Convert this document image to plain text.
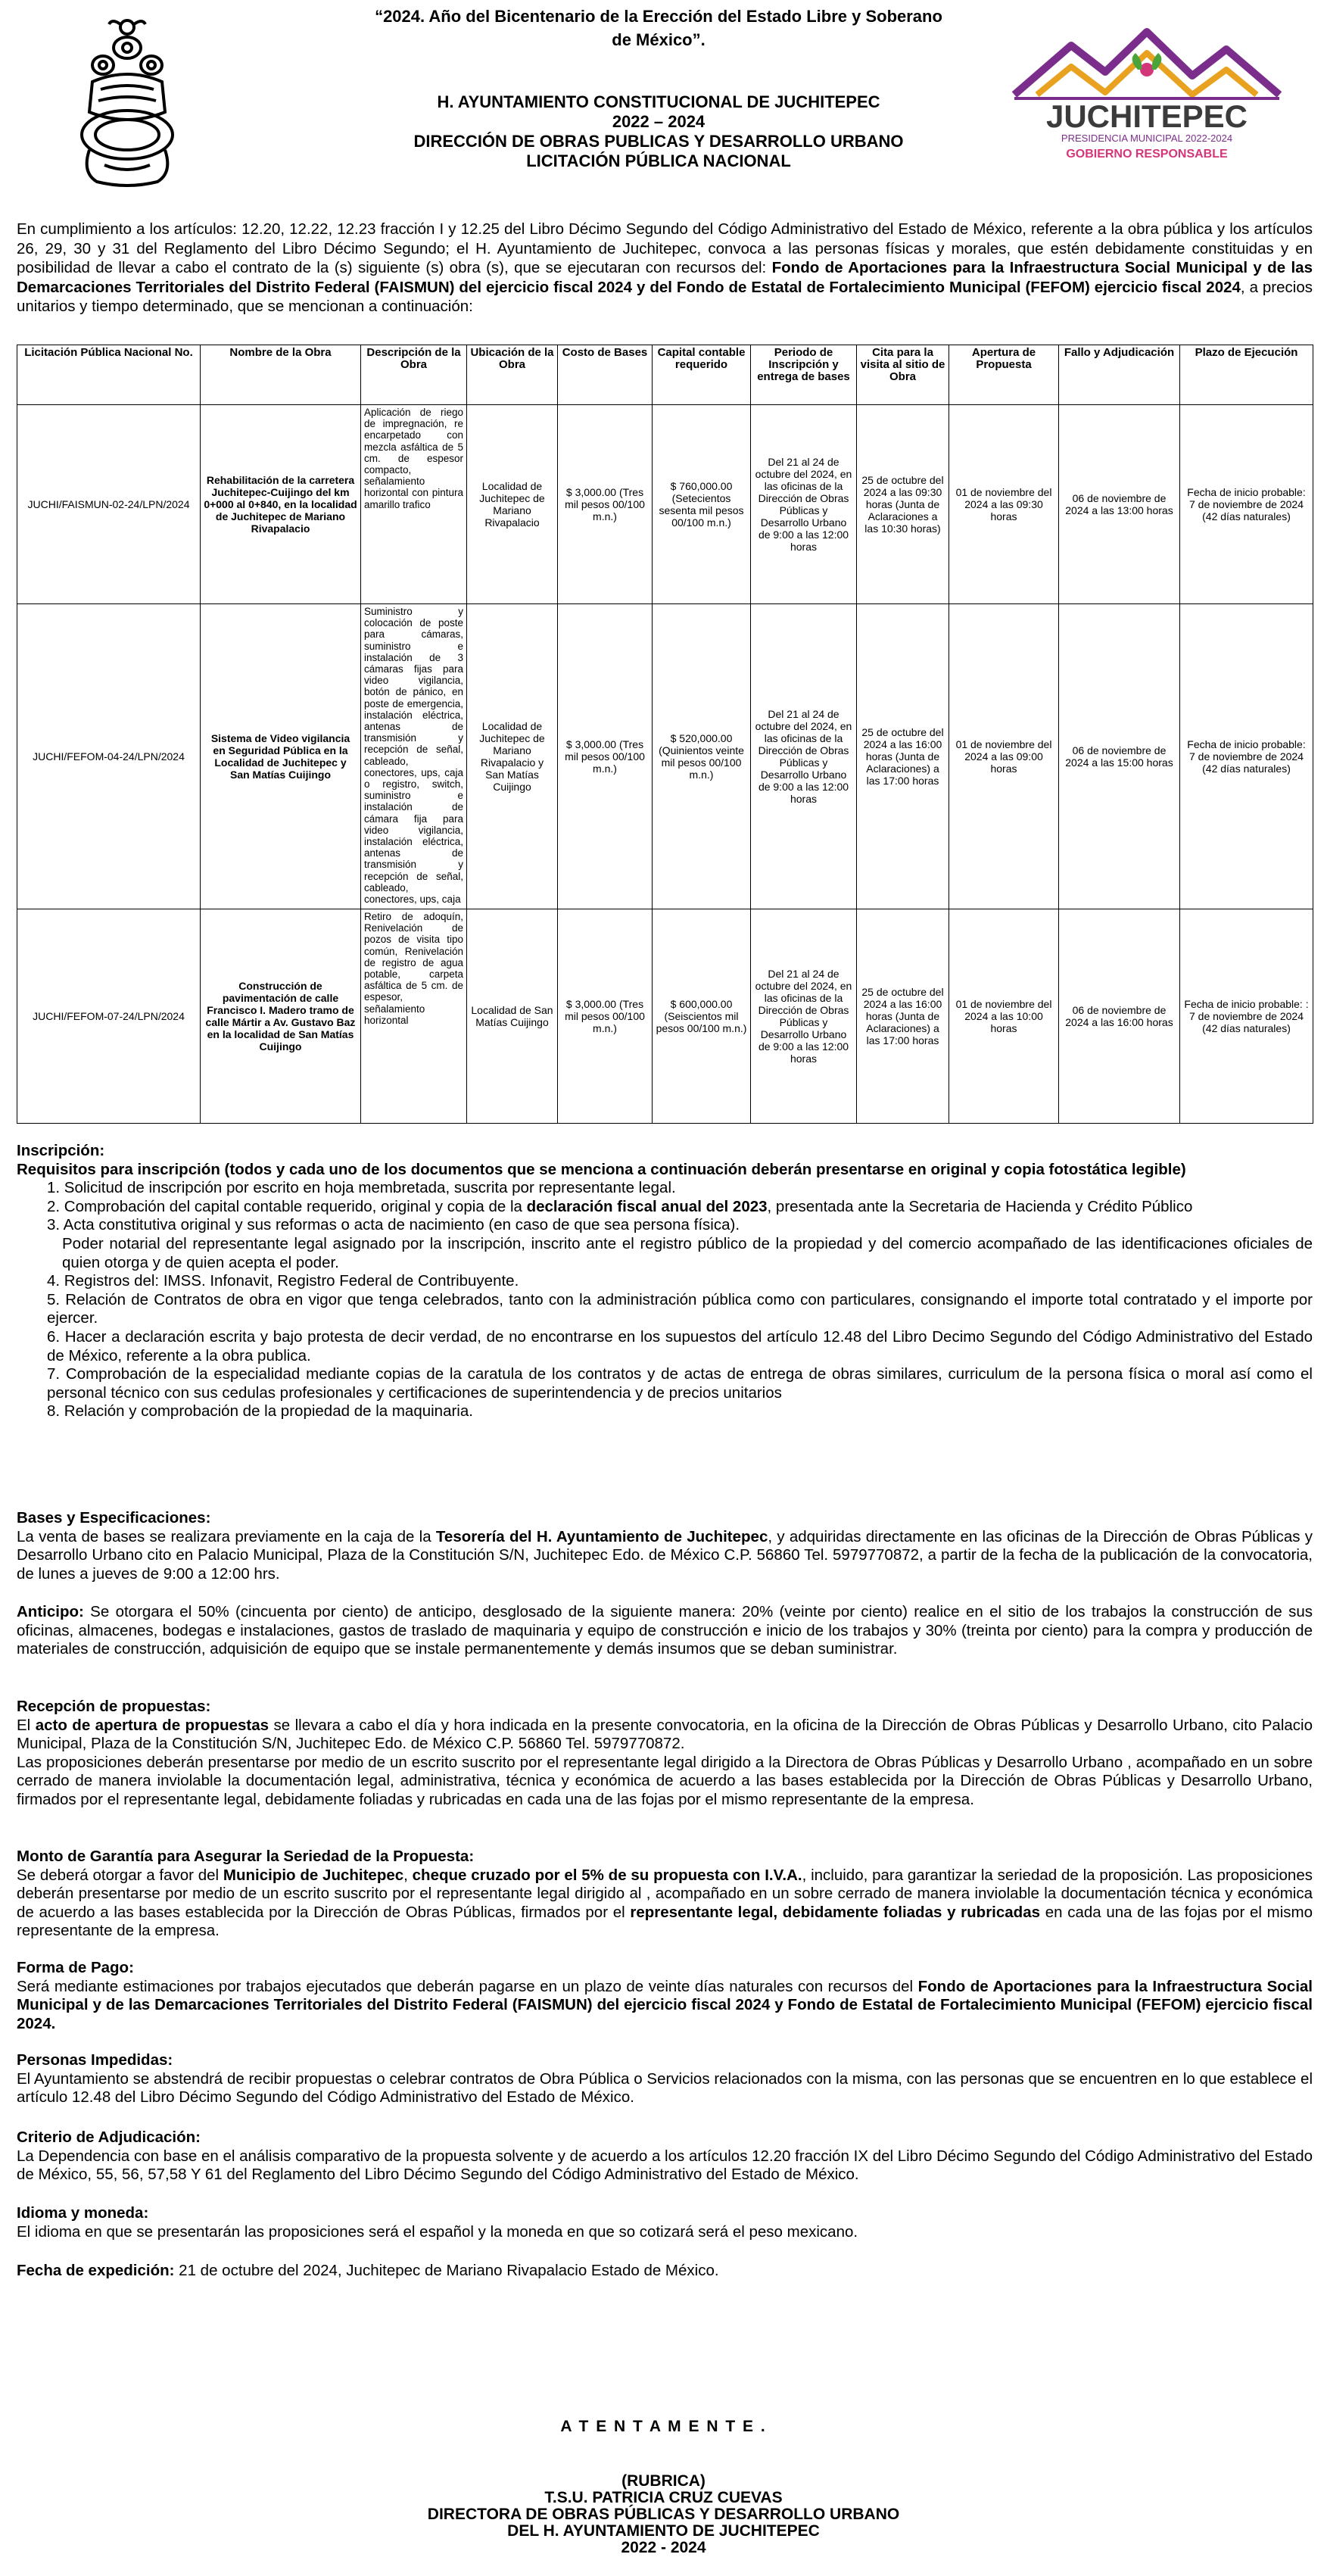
JUCHITEPEC
PRESIDENCIA MUNICIPAL 2022-2024
GOBIERNO RESPONSABLE
“2024. Año del Bicentenario de la Erección del Estado Libre y Soberano
de México”.
H. AYUNTAMIENTO CONSTITUCIONAL DE JUCHITEPEC
2022 – 2024
DIRECCIÓN DE OBRAS PUBLICAS Y DESARROLLO URBANO
LICITACIÓN PÚBLICA NACIONAL
En cumplimiento a los artículos: 12.20, 12.22, 12.23 fracción I y 12.25 del Libro Décimo Segundo del Código Administrativo del Estado de México, referente a la obra pública y los artículos 26, 29, 30 y 31 del Reglamento del Libro Décimo Segundo; el H. Ayuntamiento de Juchitepec, convoca a las personas físicas y morales, que estén debidamente constituidas y en posibilidad de llevar a cabo el contrato de la (s) siguiente (s) obra (s), que se ejecutaran con recursos del: Fondo de Aportaciones para la Infraestructura Social Municipal y de las Demarcaciones Territoriales del Distrito Federal (FAISMUN) del ejercicio fiscal 2024 y del Fondo de Estatal de Fortalecimiento Municipal (FEFOM) ejercicio fiscal 2024, a precios unitarios y tiempo determinado, que se mencionan a continuación:
Licitación Pública Nacional No.	Nombre de la Obra	Descripción de la Obra	Ubicación de la Obra	Costo de Bases	Capital contable requerido	Periodo de Inscripción y entrega de bases	Cita para la visita al sitio de Obra	Apertura de Propuesta	Fallo y Adjudicación	Plazo de Ejecución
JUCHI/FAISMUN-02-24/LPN/2024	Rehabilitación de la carretera Juchitepec-Cuijingo del km 0+000 al 0+840, en la localidad de Juchitepec de Mariano Rivapalacio	Aplicación de riego de impregnación, re encarpetado con mezcla asfáltica de 5 cm. de espesor compacto, señalamiento horizontal con pintura amarillo trafico	Localidad de Juchitepec de Mariano Rivapalacio	$ 3,000.00 (Tres mil pesos 00/100 m.n.)	$ 760,000.00 (Setecientos sesenta mil pesos 00/100 m.n.)	Del 21 al 24 de octubre del 2024, en las oficinas de la Dirección de Obras Públicas y Desarrollo Urbano de 9:00 a las 12:00 horas	25 de octubre del 2024 a las 09:30 horas (Junta de Aclaraciones a las 10:30 horas)	01 de noviembre del 2024 a las 09:30 horas	06 de noviembre de 2024 a las 13:00 horas	Fecha de inicio probable: 7 de noviembre de 2024 (42 días naturales)
JUCHI/FEFOM-04-24/LPN/2024	Sistema de Video vigilancia en Seguridad Pública en la Localidad de Juchitepec y San Matías Cuijingo	Suministro y colocación de poste para cámaras, suministro e instalación de 3 cámaras fijas para video vigilancia, botón de pánico, en poste de emergencia, instalación eléctrica, antenas de transmisión y recepción de señal, cableado, conectores, ups, caja o registro, switch, suministro e instalación de cámara fija para video vigilancia, instalación eléctrica, antenas de transmisión y recepción de señal, cableado, conectores, ups, caja	Localidad de Juchitepec de Mariano Rivapalacio y San Matías Cuijingo	$ 3,000.00 (Tres mil pesos 00/100 m.n.)	$ 520,000.00 (Quinientos veinte mil pesos 00/100 m.n.)	Del 21 al 24 de octubre del 2024, en las oficinas de la Dirección de Obras Públicas y Desarrollo Urbano de 9:00 a las 12:00 horas	25 de octubre del 2024 a las 16:00 horas (Junta de Aclaraciones) a las 17:00 horas	01 de noviembre del 2024 a las 09:00 horas	06 de noviembre de 2024 a las 15:00 horas	Fecha de inicio probable: 7 de noviembre de 2024 (42 días naturales)
JUCHI/FEFOM-07-24/LPN/2024	Construcción de pavimentación de calle Francisco I. Madero tramo de calle Mártir a Av. Gustavo Baz en la localidad de San Matías Cuijingo	Retiro de adoquín, Renivelación de pozos de visita tipo común, Renivelación de registro de agua potable, carpeta asfáltica de 5 cm. de espesor, señalamiento horizontal	Localidad de San Matías Cuijingo	$ 3,000.00 (Tres mil pesos 00/100 m.n.)	$ 600,000.00 (Seiscientos mil pesos 00/100 m.n.)	Del 21 al 24 de octubre del 2024, en las oficinas de la Dirección de Obras Públicas y Desarrollo Urbano de 9:00 a las 12:00 horas	25 de octubre del 2024 a las 16:00 horas (Junta de Aclaraciones) a las 17:00 horas	01 de noviembre del 2024 a las 10:00 horas	06 de noviembre de 2024 a las 16:00 horas	Fecha de inicio probable: : 7 de noviembre de 2024 (42 días naturales)
Inscripción:
Requisitos para inscripción (todos y cada uno de los documentos que se menciona a continuación deberán presentarse en original y copia fotostática legible)
1. Solicitud de inscripción por escrito en hoja membretada, suscrita por representante legal.
2. Comprobación del capital contable requerido, original y copia de la declaración fiscal anual del 2023, presentada ante la Secretaria de Hacienda y Crédito Público
3. Acta constitutiva original y sus reformas o acta de nacimiento (en caso de que sea persona física).
Poder notarial del representante legal asignado por la inscripción, inscrito ante el registro público de la propiedad y del comercio acompañado de las identificaciones oficiales de quien otorga y de quien acepta el poder.
4. Registros del: IMSS. Infonavit, Registro Federal de Contribuyente.
5. Relación de Contratos de obra en vigor que tenga celebrados, tanto con la administración pública como con particulares, consignando el importe total contratado y el importe por ejercer.
6. Hacer a declaración escrita y bajo protesta de decir verdad, de no encontrarse en los supuestos del artículo 12.48 del Libro Decimo Segundo del Código Administrativo del Estado de México, referente a la obra publica.
7. Comprobación de la especialidad mediante copias de la caratula de los contratos y de actas de entrega de obras similares, curriculum de la persona física o moral así como el personal técnico con sus cedulas profesionales y certificaciones de superintendencia y de precios unitarios
8. Relación y comprobación de la propiedad de la maquinaria.
Bases y Especificaciones:
La venta de bases se realizara previamente en la caja de la Tesorería del H. Ayuntamiento de Juchitepec, y adquiridas directamente en las oficinas de la Dirección de Obras Públicas y Desarrollo Urbano cito en Palacio Municipal, Plaza de la Constitución S/N, Juchitepec Edo. de México C.P. 56860 Tel. 5979770872, a partir de la fecha de la publicación de la convocatoria, de lunes a jueves de 9:00 a 12:00 hrs.
Anticipo: Se otorgara el 50% (cincuenta por ciento) de anticipo, desglosado de la siguiente manera: 20% (veinte por ciento) realice en el sitio de los trabajos la construcción de sus oficinas, almacenes, bodegas e instalaciones, gastos de traslado de maquinaria y equipo de construcción e inicio de los trabajos y 30% (treinta por ciento) para la compra y producción de materiales de construcción, adquisición de equipo que se instale permanentemente y demás insumos que se deban suministrar.
Recepción de propuestas:
El acto de apertura de propuestas se llevara a cabo el día y hora indicada en la presente convocatoria, en la oficina de la Dirección de Obras Públicas y Desarrollo Urbano, cito Palacio Municipal, Plaza de la Constitución S/N, Juchitepec Edo. de México C.P. 56860 Tel. 5979770872.
Las proposiciones deberán presentarse por medio de un escrito suscrito por el representante legal dirigido a la Directora de Obras Públicas y Desarrollo Urbano , acompañado en un sobre cerrado de manera inviolable la documentación legal, administrativa, técnica y económica de acuerdo a las bases establecida por la Dirección de Obras Públicas y Desarrollo Urbano, firmados por el representante legal, debidamente foliadas y rubricadas en cada una de las fojas por el mismo representante de la empresa.
Monto de Garantía para Asegurar la Seriedad de la Propuesta:
Se deberá otorgar a favor del Municipio de Juchitepec, cheque cruzado por el 5% de su propuesta con I.V.A., incluido, para garantizar la seriedad de la proposición. Las proposiciones deberán presentarse por medio de un escrito suscrito por el representante legal dirigido al , acompañado en un sobre cerrado de manera inviolable la documentación técnica y económica de acuerdo a las bases establecida por la Dirección de Obras Públicas, firmados por el representante legal, debidamente foliadas y rubricadas en cada una de las fojas por el mismo representante de la empresa.
Forma de Pago:
Será mediante estimaciones por trabajos ejecutados que deberán pagarse en un plazo de veinte días naturales con recursos del Fondo de Aportaciones para la Infraestructura Social Municipal y de las Demarcaciones Territoriales del Distrito Federal (FAISMUN) del ejercicio fiscal 2024 y Fondo de Estatal de Fortalecimiento Municipal (FEFOM) ejercicio fiscal 2024.
Personas Impedidas:
El Ayuntamiento se abstendrá de recibir propuestas o celebrar contratos de Obra Pública o Servicios relacionados con la misma, con las personas que se encuentren en lo que establece el artículo 12.48 del Libro Décimo Segundo del Código Administrativo del Estado de México.
Criterio de Adjudicación:
La Dependencia con base en el análisis comparativo de la propuesta solvente y de acuerdo a los artículos 12.20 fracción IX del Libro Décimo Segundo del Código Administrativo del Estado de México, 55, 56, 57,58 Y 61 del Reglamento del Libro Décimo Segundo del Código Administrativo del Estado de México.
Idioma y moneda:
El idioma en que se presentarán las proposiciones será el español y la moneda en que so cotizará será el peso mexicano.
Fecha de expedición: 21 de octubre del 2024, Juchitepec de Mariano Rivapalacio Estado de México.
A T E N T A M E N T E .
(RUBRICA)
T.S.U. PATRICIA CRUZ CUEVAS
DIRECTORA DE OBRAS PÚBLICAS Y DESARROLLO URBANO
DEL H. AYUNTAMIENTO DE JUCHITEPEC
2022 - 2024
